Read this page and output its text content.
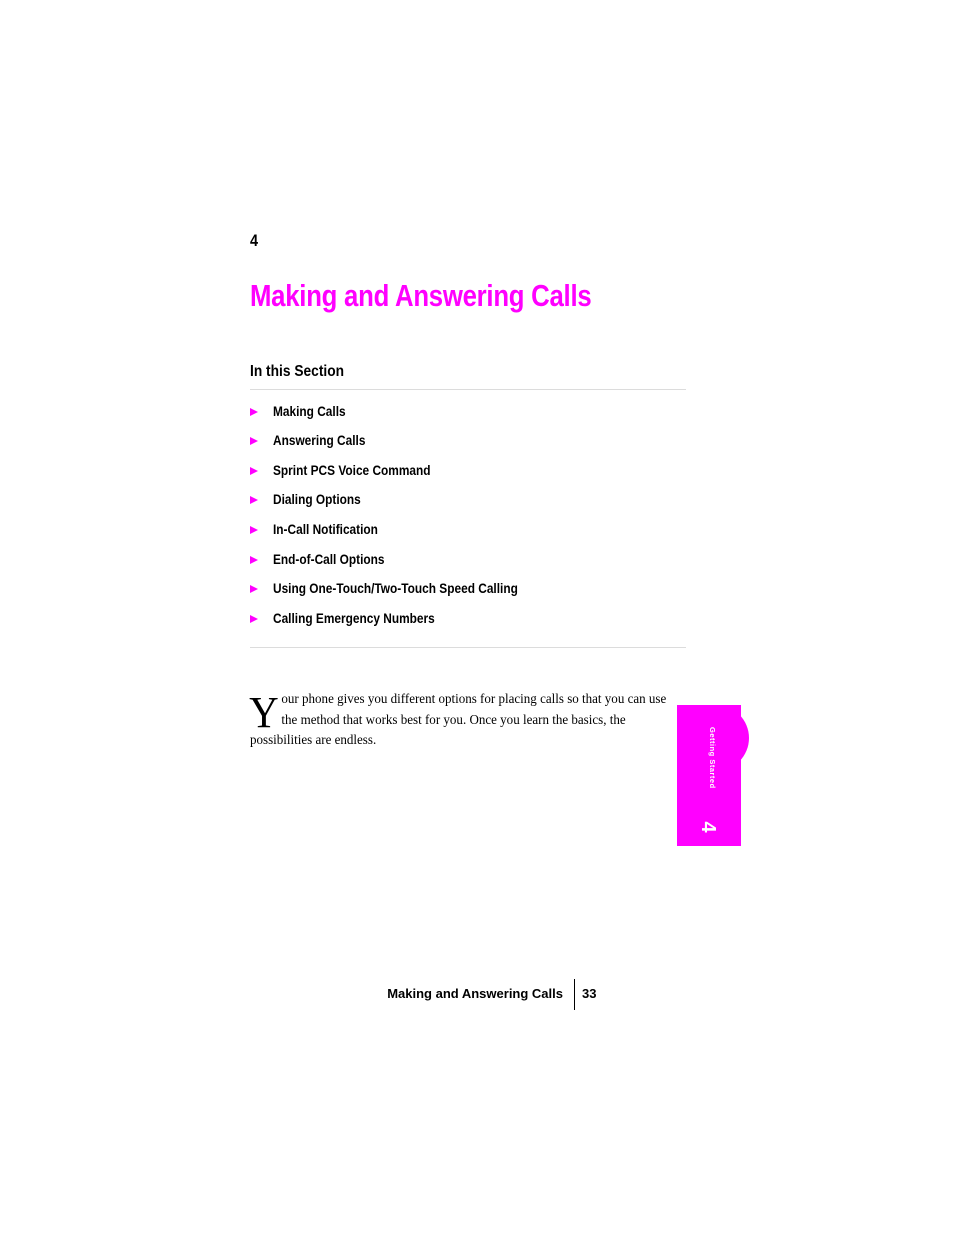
4
Making and Answering Calls
In this Section
Making Calls
Answering Calls
Sprint PCS Voice Command
Dialing Options
In-Call Notification
End-of-Call Options
Using One-Touch/Two-Touch Speed Calling
Calling Emergency Numbers

Your phone gives you different options for placing calls so that you can use the method that works best for you. Once you learn the basics, the possibilities are endless.	Getting Started
4
Making and Answering Calls 33
